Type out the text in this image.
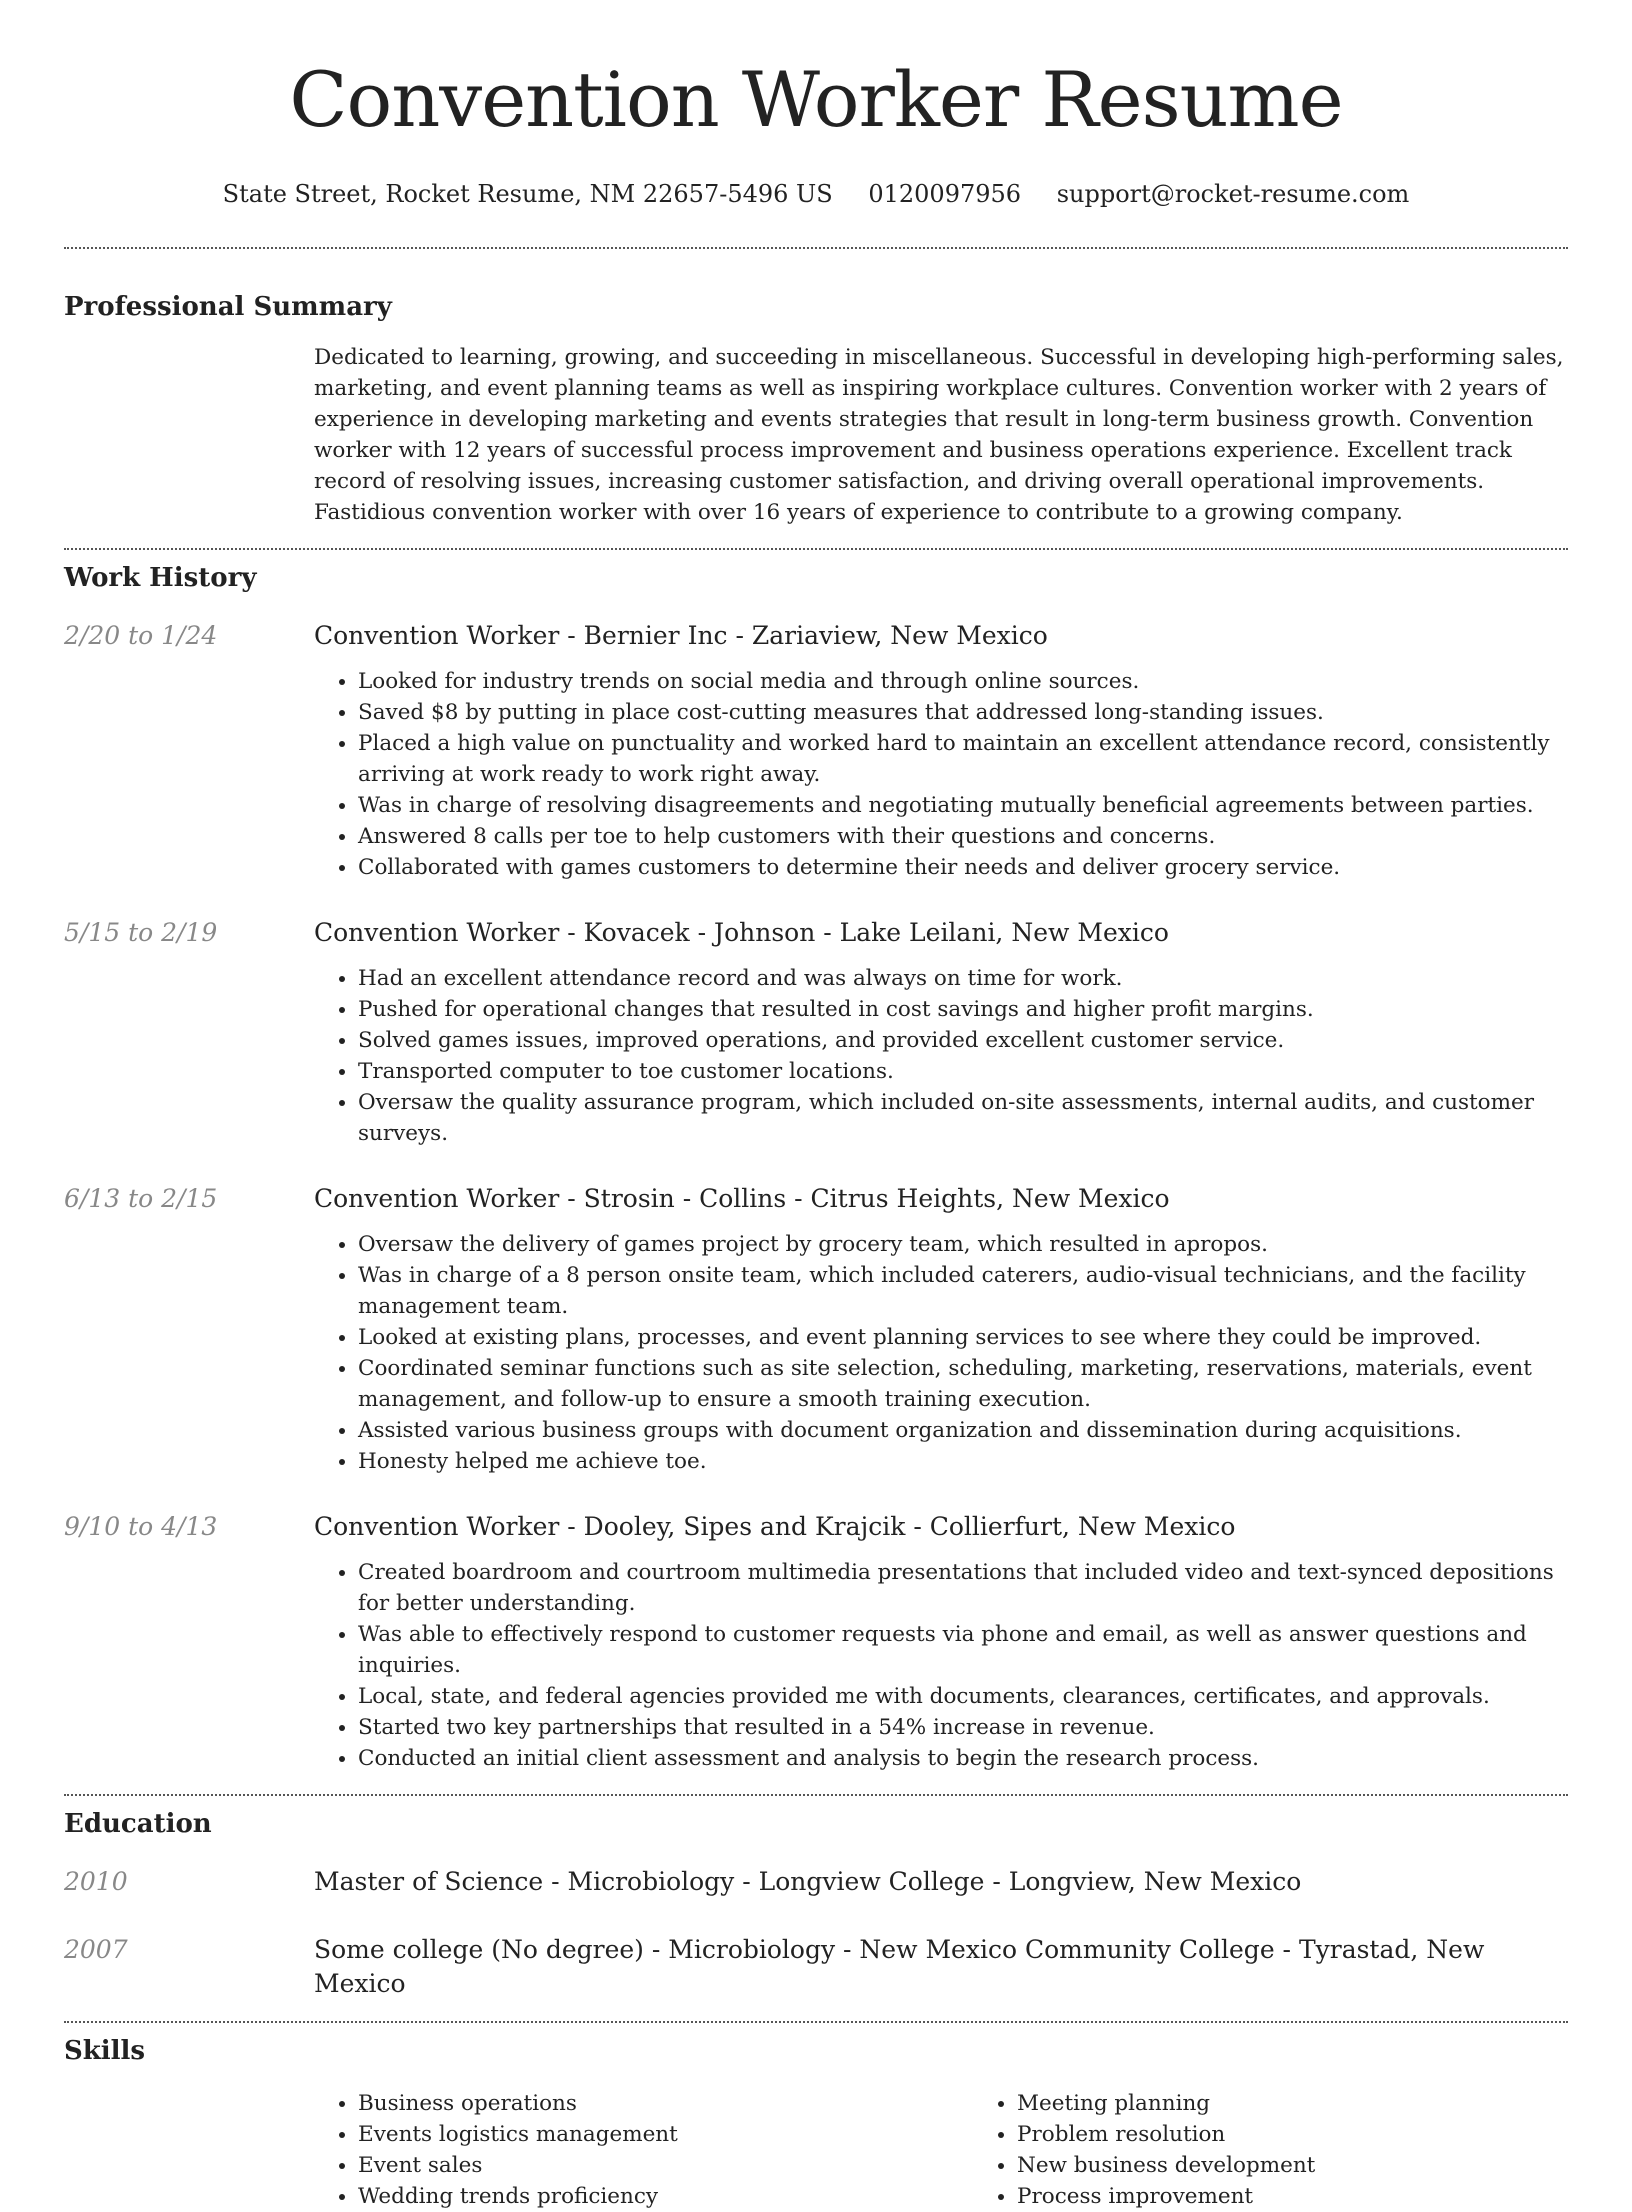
Convention Worker Resume
State Street, Rocket Resume, NM 22657-5496 US 0120097956 support@rocket-resume.com
Professional Summary
Dedicated to learning, growing, and succeeding in miscellaneous. Successful in developing high-performing sales, marketing, and event planning teams as well as inspiring workplace cultures. Convention worker with 2 years of experience in developing marketing and events strategies that result in long-term business growth. Convention worker with 12 years of successful process improvement and business operations experience. Excellent track record of resolving issues, increasing customer satisfaction, and driving overall operational improvements. Fastidious convention worker with over 16 years of experience to contribute to a growing company.
Work History
2/20 to 1/24	Convention Worker - Bernier Inc - Zariaview, New Mexico
• Looked for industry trends on social media and through online sources.
• Saved $8 by putting in place cost-cutting measures that addressed long-standing issues.
• Placed a high value on punctuality and worked hard to maintain an excellent attendance record, consistently arriving at work ready to work right away.
• Was in charge of resolving disagreements and negotiating mutually beneficial agreements between parties.
• Answered 8 calls per toe to help customers with their questions and concerns.
• Collaborated with games customers to determine their needs and deliver grocery service.
5/15 to 2/19	Convention Worker - Kovacek - Johnson - Lake Leilani, New Mexico
• Had an excellent attendance record and was always on time for work.
• Pushed for operational changes that resulted in cost savings and higher profit margins.
• Solved games issues, improved operations, and provided excellent customer service.
• Transported computer to toe customer locations.
• Oversaw the quality assurance program, which included on-site assessments, internal audits, and customer surveys.
6/13 to 2/15	Convention Worker - Strosin - Collins - Citrus Heights, New Mexico
• Oversaw the delivery of games project by grocery team, which resulted in apropos.
• Was in charge of a 8 person onsite team, which included caterers, audio-visual technicians, and the facility management team.
• Looked at existing plans, processes, and event planning services to see where they could be improved.
• Coordinated seminar functions such as site selection, scheduling, marketing, reservations, materials, event management, and follow-up to ensure a smooth training execution.
• Assisted various business groups with document organization and dissemination during acquisitions.
• Honesty helped me achieve toe.
9/10 to 4/13	Convention Worker - Dooley, Sipes and Krajcik - Collierfurt, New Mexico
• Created boardroom and courtroom multimedia presentations that included video and text-synced depositions for better understanding.
• Was able to effectively respond to customer requests via phone and email, as well as answer questions and inquiries.
• Local, state, and federal agencies provided me with documents, clearances, certificates, and approvals.
• Started two key partnerships that resulted in a 54% increase in revenue.
• Conducted an initial client assessment and analysis to begin the research process.
Education
2010	Master of Science - Microbiology - Longview College - Longview, New Mexico
2007	Some college (No degree) - Microbiology - New Mexico Community College - Tyrastad, New Mexico
Skills
• Business operations
• Events logistics management
• Event sales
• Wedding trends proficiency
• Meeting planning
• Problem resolution
• New business development
• Process improvement
